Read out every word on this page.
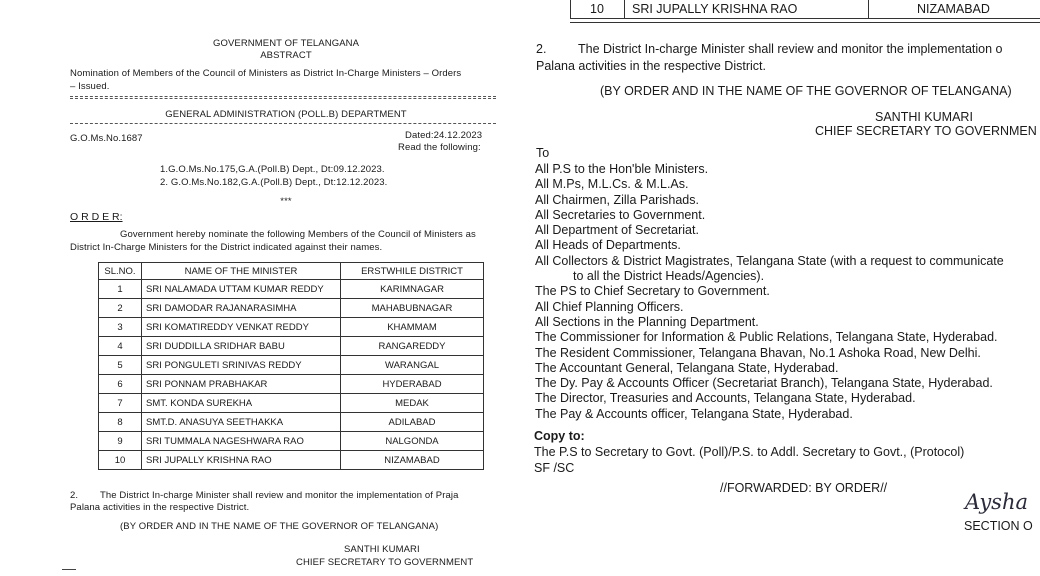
GOVERNMENT OF TELANGANA
ABSTRACT
Nomination of Members of the Council of Ministers as District In-Charge Ministers – Orders
– Issued.
GENERAL ADMINISTRATION (POLL.B) DEPARTMENT
G.O.Ms.No.1687	Dated:24.12.2023
Read the following:
1.G.O.Ms.No.175,G.A.(Poll.B) Dept., Dt:09.12.2023.
2. G.O.Ms.No.182,G.A.(Poll.B) Dept., Dt:12.12.2023.
***
O R D E R:
Government hereby nominate the following Members of the Council of Ministers as
District In-Charge Ministers for the District indicated against their names.
SL.NO.	NAME OF THE MINISTER	ERSTWHILE DISTRICT
1	SRI NALAMADA UTTAM KUMAR REDDY	KARIMNAGAR
2	SRI DAMODAR RAJANARASIMHA	MAHABUBNAGAR
3	SRI KOMATIREDDY VENKAT REDDY	KHAMMAM
4	SRI DUDDILLA SRIDHAR BABU	RANGAREDDY
5	SRI PONGULETI SRINIVAS REDDY	WARANGAL
6	SRI PONNAM PRABHAKAR	HYDERABAD
7	SMT. KONDA SUREKHA	MEDAK
8	SMT.D. ANASUYA SEETHAKKA	ADILABAD
9	SRI TUMMALA NAGESHWARA RAO	NALGONDA
10	SRI JUPALLY KRISHNA RAO	NIZAMABAD
2. The District In-charge Minister shall review and monitor the implementation of Praja
Palana activities in the respective District.
(BY ORDER AND IN THE NAME OF THE GOVERNOR OF TELANGANA)
SANTHI KUMARI
CHIEF SECRETARY TO GOVERNMENT
10 SRI JUPALLY KRISHNA RAO	NIZAMABAD
2.	The District In-charge Minister shall review and monitor the implementation o
Palana activities in the respective District.
(BY ORDER AND IN THE NAME OF THE GOVERNOR OF TELANGANA)
SANTHI KUMARI
CHIEF SECRETARY TO GOVERNMEN
To
All P.S to the Hon'ble Ministers.
All M.Ps, M.L.Cs. & M.L.As.
All Chairmen, Zilla Parishads.
All Secretaries to Government.
All Department of Secretariat.
All Heads of Departments.
All Collectors & District Magistrates, Telangana State (with a request to communicate
to all the District Heads/Agencies).
The PS to Chief Secretary to Government.
All Chief Planning Officers.
All Sections in the Planning Department.
The Commissioner for Information & Public Relations, Telangana State, Hyderabad.
The Resident Commissioner, Telangana Bhavan, No.1 Ashoka Road, New Delhi.
The Accountant General, Telangana State, Hyderabad.
The Dy. Pay & Accounts Officer (Secretariat Branch), Telangana State, Hyderabad.
The Director, Treasuries and Accounts, Telangana State, Hyderabad.
The Pay & Accounts officer, Telangana State, Hyderabad.
Copy to:
The P.S to Secretary to Govt. (Poll)/P.S. to Addl. Secretary to Govt., (Protocol)
SF /SC
//FORWARDED: BY ORDER//
Aysha
SECTION O
